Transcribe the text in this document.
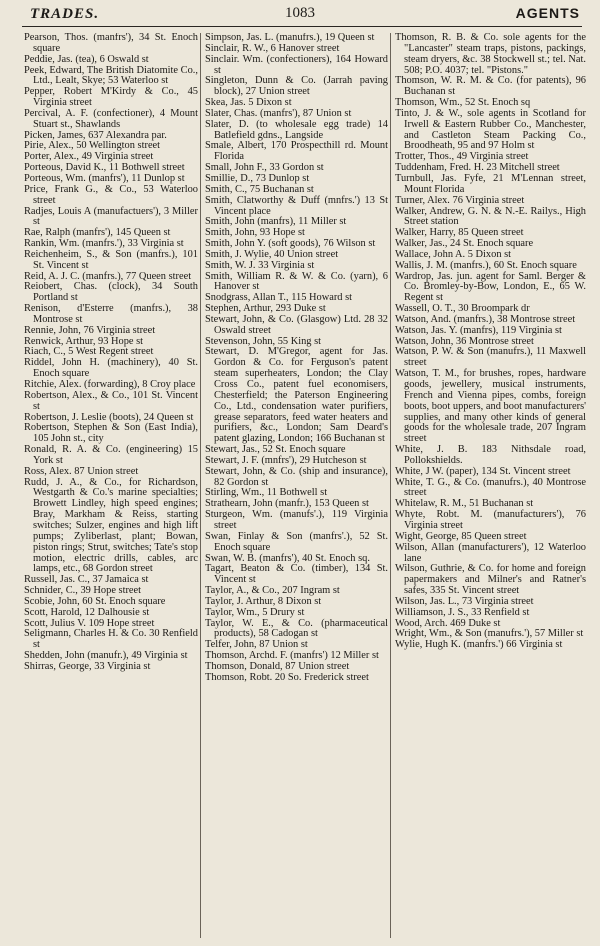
TRADES.	1083	AGENTS
Pearson, Thos. (manfrs'), 34 St. Enoch square
Peddie, Jas. (tea), 6 Oswald st
Peek, Edward, The British Diatomite Co., Ltd., Lealt, Skye; 53 Waterloo st
Pepper, Robert M'Kirdy & Co., 45 Virginia street
Percival, A. F. (confectioner), 4 Mount Stuart st., Shawlands
Picken, James, 637 Alexandra par.
Pirie, Alex., 50 Wellington street
Porter, Alex., 49 Virginia street
Porteous, David K., 11 Bothwell street
Porteous, Wm. (manfrs'), 11 Dunlop st
Price, Frank G., & Co., 53 Waterloo street
Radjes, Louis A (manufactuers'), 3 Miller st
Rae, Ralph (manfrs'), 145 Queen st
Rankin, Wm. (manfrs.'), 33 Virginia st
Reichenheim, S., & Son (manfrs.), 101 St. Vincent st
Reid, A. J. C. (manfrs.), 77 Queen street
Reiobert, Chas. (clock), 34 South Portland st
Renison, d'Esterre (manfrs.), 38 Montrose st
Rennie, John, 76 Virginia street
Renwick, Arthur, 93 Hope st
Riach, C., 5 West Regent street
Riddel, John H. (machinery), 40 St. Enoch square
Ritchie, Alex. (forwarding), 8 Croy place
Robertson, Alex., & Co., 101 St. Vincent st
Robertson, J. Leslie (boots), 24 Queen st
Robertson, Stephen & Son (East India), 105 John st., city
Ronald, R. A. & Co. (engineering) 15 York st
Ross, Alex. 87 Union street
Rudd, J. A., & Co., for Richardson, Westgarth & Co.'s marine specialties; Browett Lindley, high speed engines; Bray, Markham & Reiss, starting switches; Sulzer, engines and high lift pumps; Zyliberlast, plant; Bowan, piston rings; Strut, switches; Tate's stop motion, electric drills, cables, arc lamps, etc., 68 Gordon street
Russell, Jas. C., 37 Jamaica st
Schnider, C., 39 Hope street
Scobie, John, 60 St. Enoch square
Scott, Harold, 12 Dalhousie st
Scott, Julius V. 109 Hope street
Seligmann, Charles H. & Co. 30 Renfield st
Shedden, John (manufr.), 49 Virginia st
Shirras, George, 33 Virginia st
Simpson, Jas. L. (manufrs.), 19 Queen st
Sinclair, R. W., 6 Hanover street
Sinclair. Wm. (confectioners), 164 Howard st
Singleton, Dunn & Co. (Jarrah paving block), 27 Union street
Skea, Jas. 5 Dixon st
Slater, Chas. (manfrs'), 87 Union st
Slater, D. (to wholesale egg trade) 14 Batlefield gdns., Langside
Smale, Albert, 170 Prospecthill rd. Mount Florida
Small, John F., 33 Gordon st
Smillie, D., 73 Dunlop st
Smith, C., 75 Buchanan st
Smith, Clatworthy & Duff (mnfrs.') 13 St Vincent place
Smith, John (manfrs), 11 Miller st
Smith, John, 93 Hope st
Smith, John Y. (soft goods), 76 Wilson st
Smith, J. Wylie, 40 Union street
Smith, W. J. 33 Virginia st
Smith, William R. & W. & Co. (yarn), 6 Hanover st
Snodgrass, Allan T., 115 Howard st
Stephen, Arthur, 293 Duke st
Stewart, John, & Co. (Glasgow) Ltd. 28 32 Oswald street
Stevenson, John, 55 King st
Stewart, D. M'Gregor, agent for Jas. Gordon & Co. for Ferguson's patent steam superheaters, London; the Clay Cross Co., patent fuel economisers, Chesterfield; the Paterson Engineering Co., Ltd., condensation water purifiers, grease separators, feed water heaters and purifiers, &c., London; Sam Deard's patent glazing, London; 166 Buchanan st
Stewart, Jas., 52 St. Enoch square
Stewart, J. F. (mnfrs'), 29 Hutcheson st
Stewart, John, & Co. (ship and insurance), 82 Gordon st
Stirling, Wm., 11 Bothwell st
Strathearn, John (manfr.), 153 Queen st
Sturgeon, Wm. (manufs'.), 119 Virginia street
Swan, Finlay & Son (manfrs'.), 52 St. Enoch square
Swan, W. B. (manfrs'), 40 St. Enoch sq.
Tagart, Beaton & Co. (timber), 134 St. Vincent st
Taylor, A., & Co., 207 Ingram st
Taylor, J. Arthur, 8 Dixon st
Taylor, Wm., 5 Drury st
Taylor, W. E., & Co. (pharmaceutical products), 58 Cadogan st
Telfer, John, 87 Union st
Thomson, Archd. F. (manfrs') 12 Miller st
Thomson, Donald, 87 Union street
Thomson, Robt. 20 So. Frederick street
Thomson, R. B. & Co. sole agents for the "Lancaster" steam traps, pistons, packings, steam dryers, &c. 38 Stockwell st.; tel. Nat. 508; P.O. 4037; tel. "Pistons."
Thomson, W. R. M. & Co. (for patents), 96 Buchanan st
Thomson, Wm., 52 St. Enoch sq
Tinto, J. & W., sole agents in Scotland for Irwell & Eastern Rubber Co., Manchester, and Castleton Steam Packing Co., Broodheath, 95 and 97 Holm st
Trotter, Thos., 49 Virginia street
Tuddenham, Fred. H. 23 Mitchell street
Turnbull, Jas. Fyfe, 21 M'Lennan street, Mount Florida
Turner, Alex. 76 Virginia street
Walker, Andrew, G. N. & N.-E. Railys., High Street station
Walker, Harry, 85 Queen street
Walker, Jas., 24 St. Enoch square
Wallace, John A. 5 Dixon st
Wallis, J. M. (manfrs.), 60 St. Enoch square
Wardrop, Jas. jun. agent for Saml. Berger & Co. Bromley-by-Bow, London, E., 65 W. Regent st
Wassell, O. T., 30 Broompark dr
Watson, And. (manfrs.), 38 Montrose street
Watson, Jas. Y. (manfrs), 119 Virginia st
Watson, John, 36 Montrose street
Watson, P. W. & Son (manufrs.), 11 Maxwell street
Watson, T. M., for brushes, ropes, hardware goods, jewellery, musical instruments, French and Vienna pipes, combs, foreign boots, boot uppers, and boot manufacturers' supplies, and many other kinds of general goods for the wholesale trade, 207 Ingram street
White, J. B. 183 Nithsdale road, Pollokshields.
White, J W. (paper), 134 St. Vincent street
White, T. G., & Co. (manufrs.), 40 Montrose street
Whitelaw, R. M., 51 Buchanan st
Whyte, Robt. M. (manufacturers'), 76 Virginia street
Wight, George, 85 Queen street
Wilson, Allan (manufacturers'), 12 Waterloo lane
Wilson, Guthrie, & Co. for home and foreign papermakers and Milner's and Ratner's safes, 335 St. Vincent street
Wilson, Jas. L., 73 Virginia street
Williamson, J. S., 33 Renfield st
Wood, Arch. 469 Duke st
Wright, Wm., & Son (manufrs.'), 57 Miller st
Wylie, Hugh K. (manfrs.') 66 Virginia st
